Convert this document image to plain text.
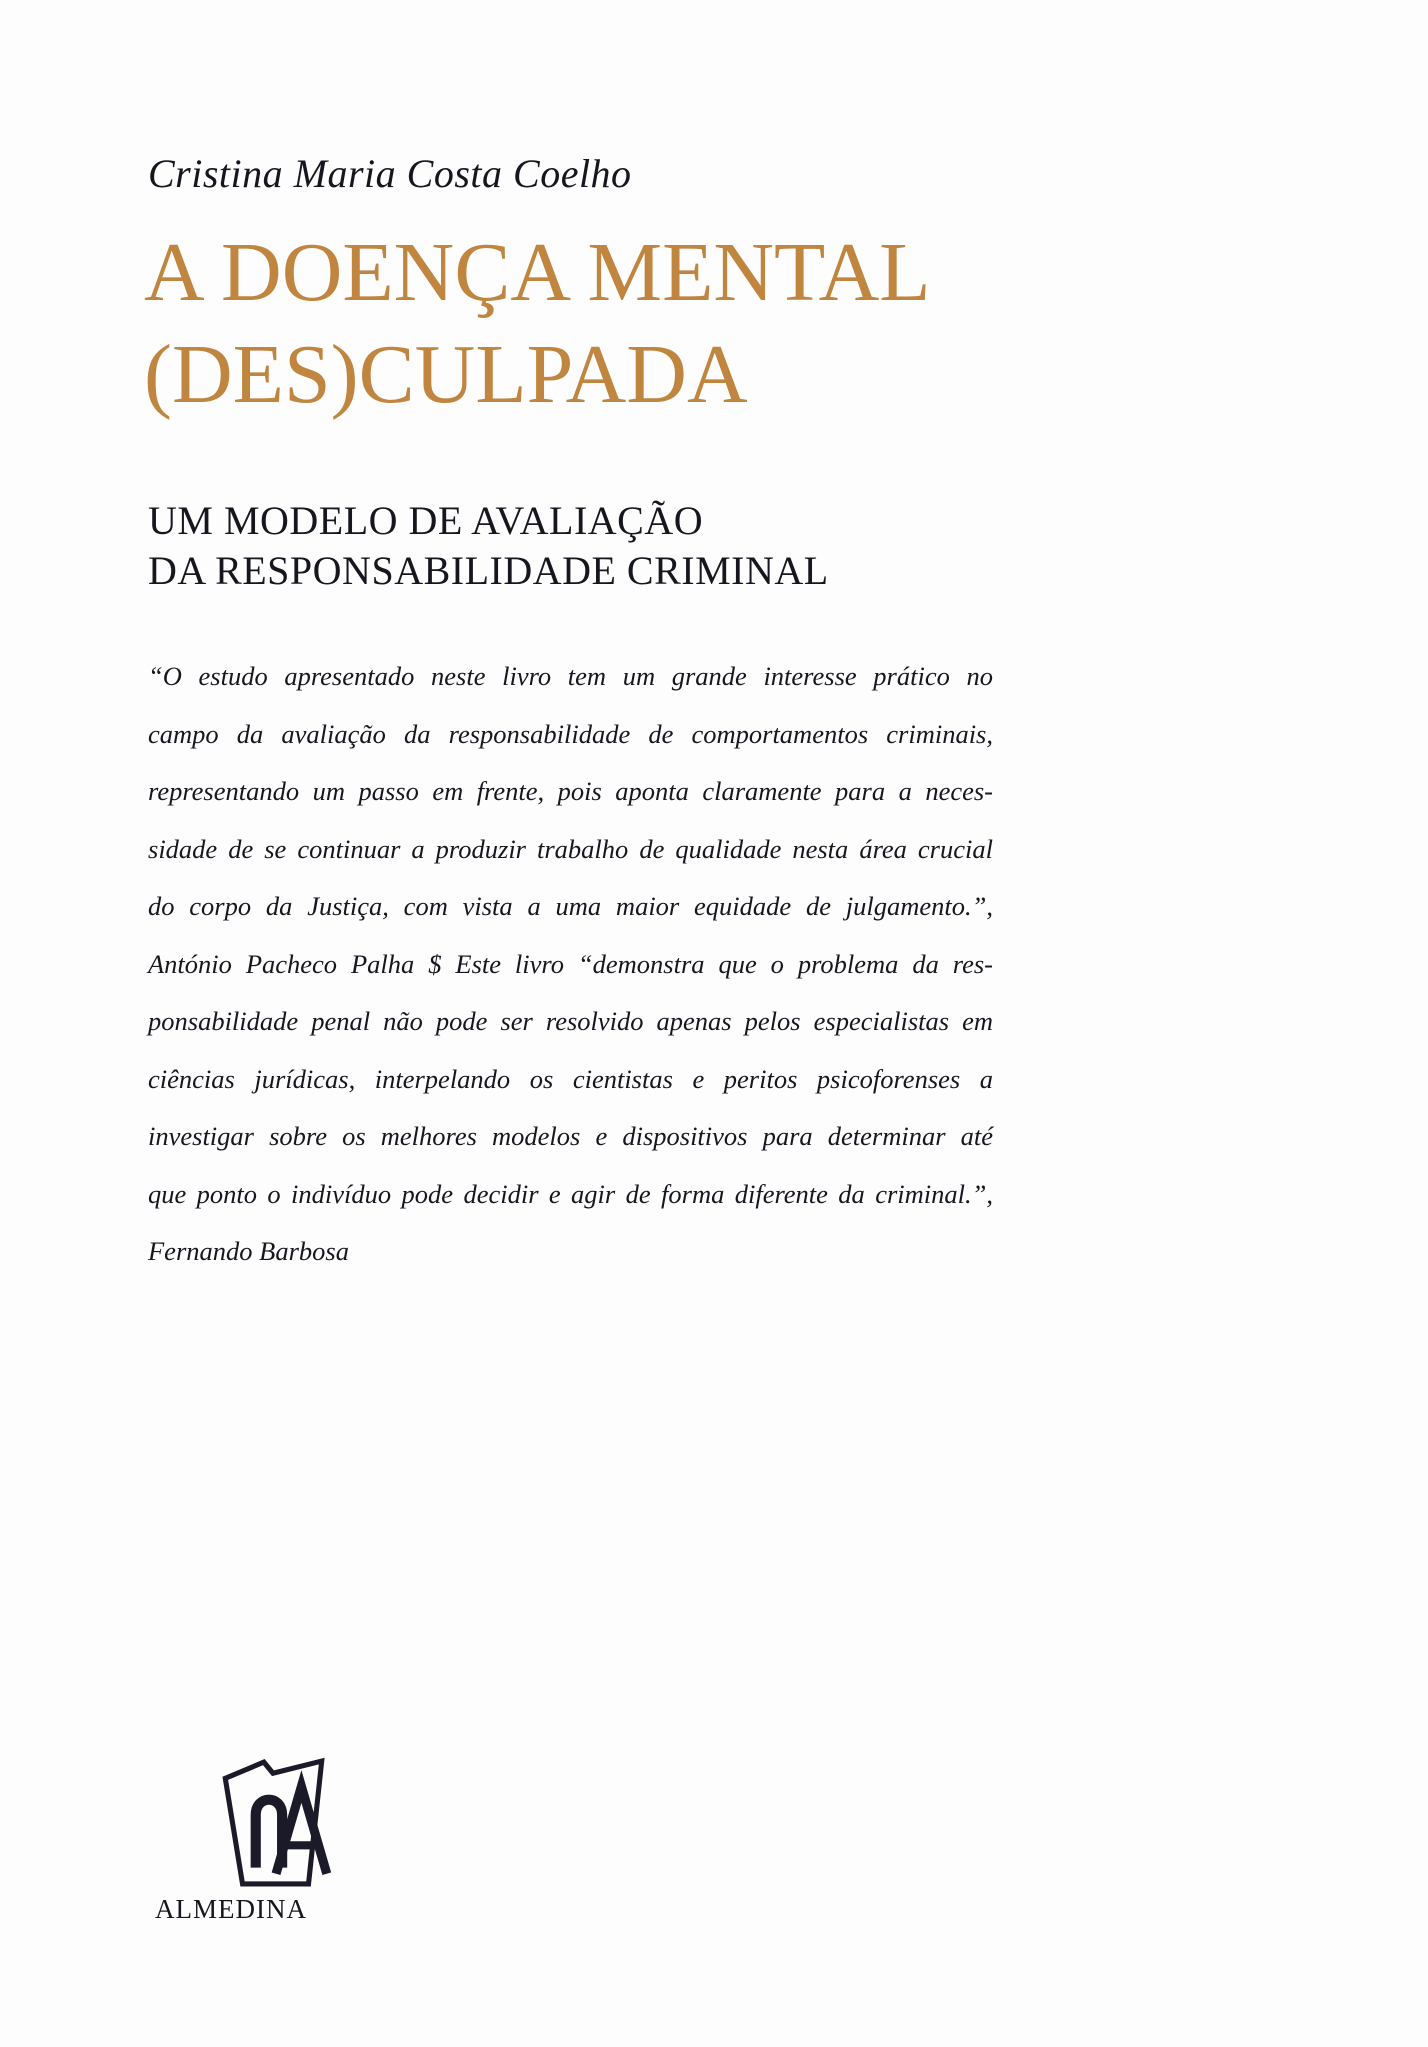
Cristina Maria Costa Coelho
A DOENÇA MENTAL
(DES)CULPADA
UM MODELO DE AVALIAÇÃO
DA RESPONSABILIDADE CRIMINAL
“O estudo apresentado neste livro tem um grande interesse prático no
campo da avaliação da responsabilidade de comportamentos criminais,
representando um passo em frente, pois aponta claramente para a neces-
sidade de se continuar a produzir trabalho de qualidade nesta área crucial
do corpo da Justiça, com vista a uma maior equidade de julgamento.”,
António Pacheco Palha $ Este livro “demonstra que o problema da res-
ponsabilidade penal não pode ser resolvido apenas pelos especialistas em
ciências jurídicas, interpelando os cientistas e peritos psicoforenses a
investigar sobre os melhores modelos e dispositivos para determinar até
que ponto o indivíduo pode decidir e agir de forma diferente da criminal.”,
Fernando Barbosa
ALMEDINA
